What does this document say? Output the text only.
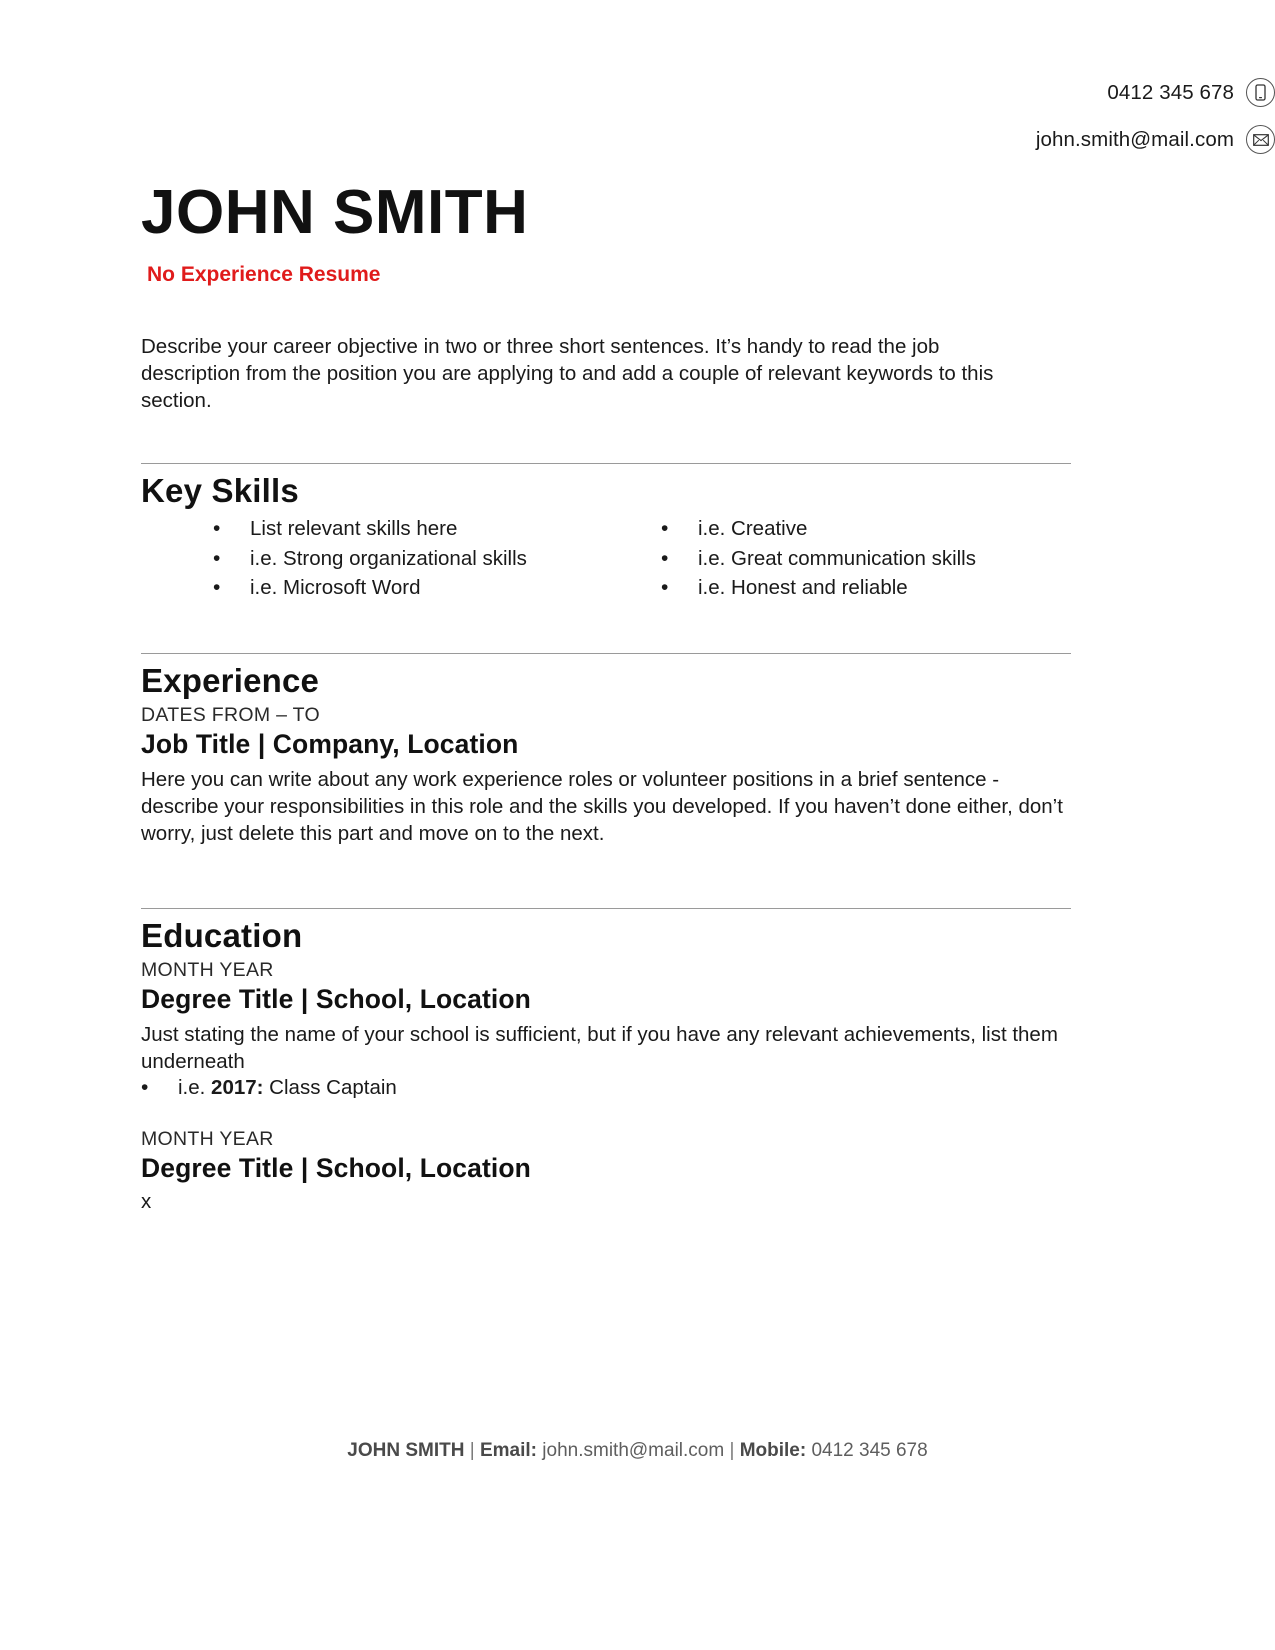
0412 345 678
john.smith@mail.com
JOHN SMITH
No Experience Resume
Describe your career objective in two or three short sentences. It’s handy to read the job description from the position you are applying to and add a couple of relevant keywords to this section.
Key Skills
• List relevant skills here
• i.e. Strong organizational skills
• i.e. Microsoft Word
• i.e. Creative
• i.e. Great communication skills
• i.e. Honest and reliable
Experience
DATES FROM – TO
Job Title | Company, Location
Here you can write about any work experience roles or volunteer positions in a brief sentence - describe your responsibilities in this role and the skills you developed. If you haven’t done either, don’t worry, just delete this part and move on to the next.
Education
MONTH YEAR
Degree Title | School, Location
Just stating the name of your school is sufficient, but if you have any relevant achievements, list them underneath
• i.e. 2017: Class Captain
MONTH YEAR
Degree Title | School, Location
x
JOHN SMITH | Email: john.smith@mail.com | Mobile: 0412 345 678
